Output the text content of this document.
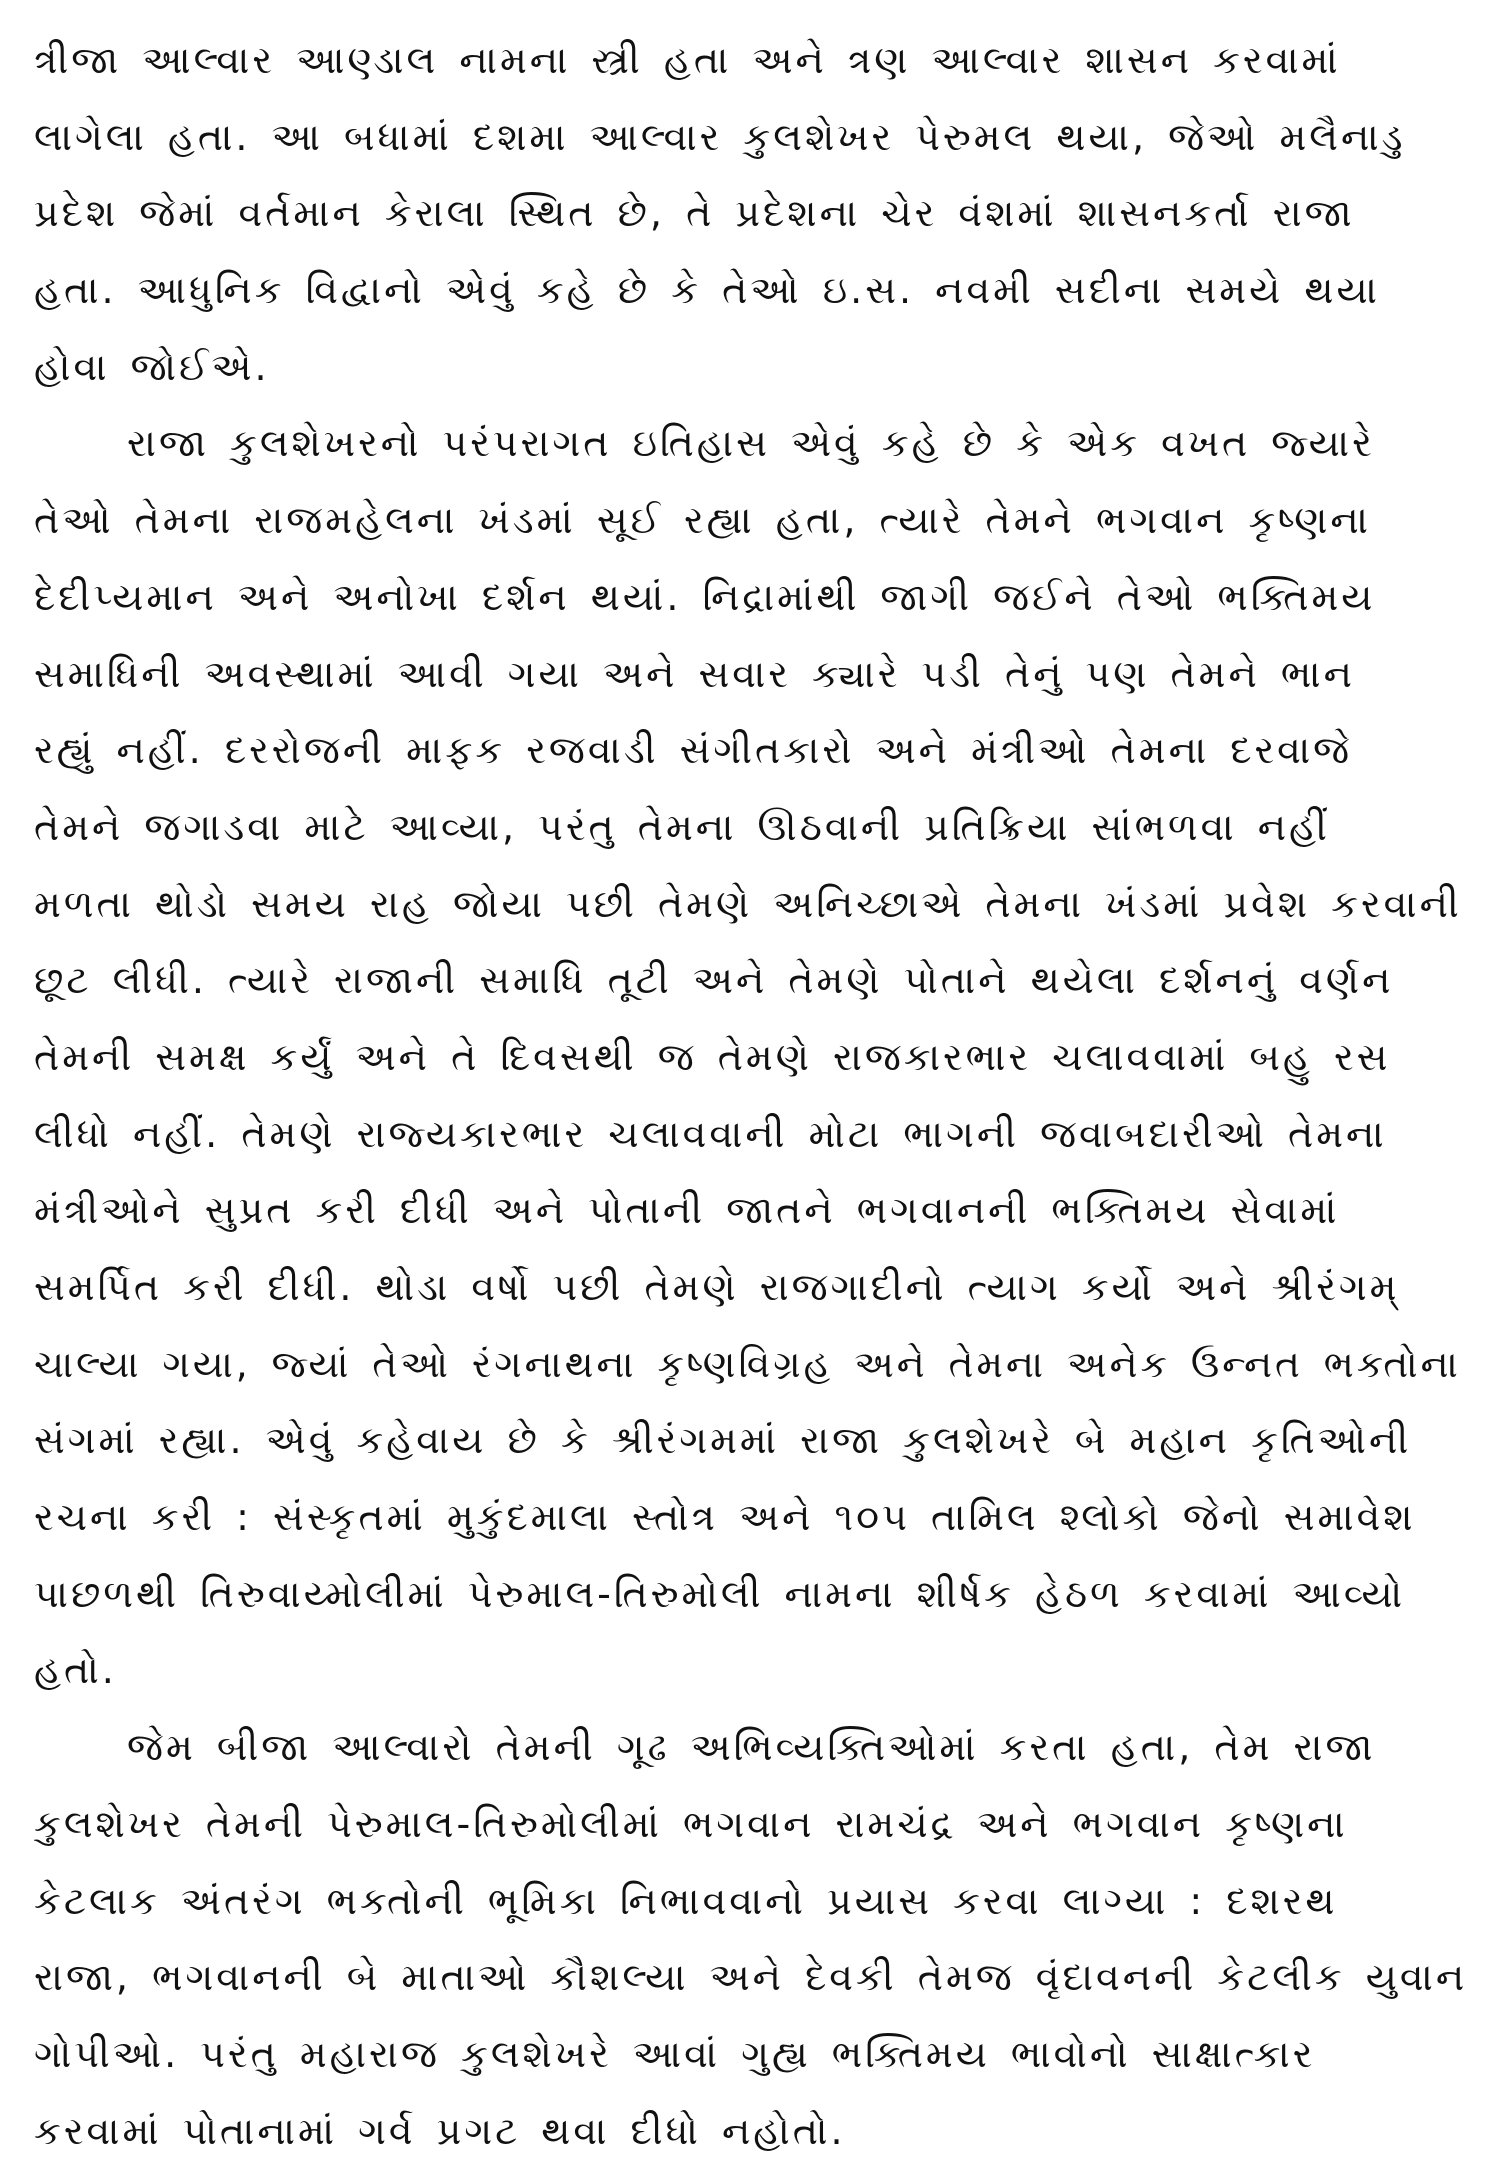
ત્રીજા આલ્વાર આણ્ડાલ નામના સ્ત્રી હતા અને ત્રણ આલ્વાર શાસન કરવામાં
લાગેલા હતા. આ બધામાં દશમા આલ્વાર કુલશેખર પેરુમલ થયા, જેઓ મલૈનાડુ
પ્રદેશ જેમાં વર્તમાન કેરાલા સ્થિત છે, તે પ્રદેશના ચેર વંશમાં શાસનકર્તા રાજા
હતા. આધુનિક વિદ્વાનો એવું કહે છે કે તેઓ ઇ.સ. નવમી સદીના સમયે થયા
હોવા જોઈએ.
રાજા કુલશેખરનો પરંપરાગત ઇતિહાસ એવું કહે છે કે એક વખત જ્યારે
તેઓ તેમના રાજમહેલના ખંડમાં સૂઈ રહ્યા હતા, ત્યારે તેમને ભગવાન કૃષ્ણના
દેદીપ્યમાન અને અનોખા દર્શન થયાં. નિદ્રામાંથી જાગી જઈને તેઓ ભક્તિમય
સમાધિની અવસ્થામાં આવી ગયા અને સવાર ક્યારે પડી તેનું પણ તેમને ભાન
રહ્યું નહીં. દરરોજની માફક રજવાડી સંગીતકારો અને મંત્રીઓ તેમના દરવાજે
તેમને જગાડવા માટે આવ્યા, પરંતુ તેમના ઊઠવાની પ્રતિક્રિયા સાંભળવા નહીં
મળતા થોડો સમય રાહ જોયા પછી તેમણે અનિચ્છાએ તેમના ખંડમાં પ્રવેશ કરવાની
છૂટ લીધી. ત્યારે રાજાની સમાધિ તૂટી અને તેમણે પોતાને થયેલા દર્શનનું વર્ણન
તેમની સમક્ષ કર્યું અને તે દિવસથી જ તેમણે રાજકારભાર ચલાવવામાં બહુ રસ
લીધો નહીં. તેમણે રાજ્યકારભાર ચલાવવાની મોટા ભાગની જવાબદારીઓ તેમના
મંત્રીઓને સુપ્રત કરી દીધી અને પોતાની જાતને ભગવાનની ભક્તિમય સેવામાં
સમર્પિત કરી દીધી. થોડા વર્ષો પછી તેમણે રાજગાદીનો ત્યાગ કર્યો અને શ્રીરંગમ્
ચાલ્યા ગયા, જ્યાં તેઓ રંગનાથના કૃષ્ણવિગ્રહ અને તેમના અનેક ઉન્નત ભક્તોના
સંગમાં રહ્યા. એવું કહેવાય છે કે શ્રીરંગમમાં રાજા કુલશેખરે બે મહાન કૃતિઓની
રચના કરી : સંસ્કૃતમાં મુકુંદમાલા સ્તોત્ર અને ૧૦૫ તામિલ શ્લોકો જેનો સમાવેશ
પાછળથી તિરુવાય્મોલીમાં પેરુમાલ-તિરુમોલી નામના શીર્ષક હેઠળ કરવામાં આવ્યો
હતો.
જેમ બીજા આલ્વારો તેમની ગૂઢ અભિવ્યક્તિઓમાં કરતા હતા, તેમ રાજા
કુલશેખર તેમની પેરુમાલ-તિરુમોલીમાં ભગવાન રામચંદ્ર અને ભગવાન કૃષ્ણના
કેટલાક અંતરંગ ભક્તોની ભૂમિકા નિભાવવાનો પ્રયાસ કરવા લાગ્યા : દશરથ
રાજા, ભગવાનની બે માતાઓ કૌશલ્યા અને દેવકી તેમજ વૃંદાવનની કેટલીક યુવાન
ગોપીઓ. પરંતુ મહારાજ કુલશેખરે આવાં ગુહ્ય ભક્તિમય ભાવોનો સાક્ષાત્કાર
કરવામાં પોતાનામાં ગર્વ પ્રગટ થવા દીધો નહોતો.
